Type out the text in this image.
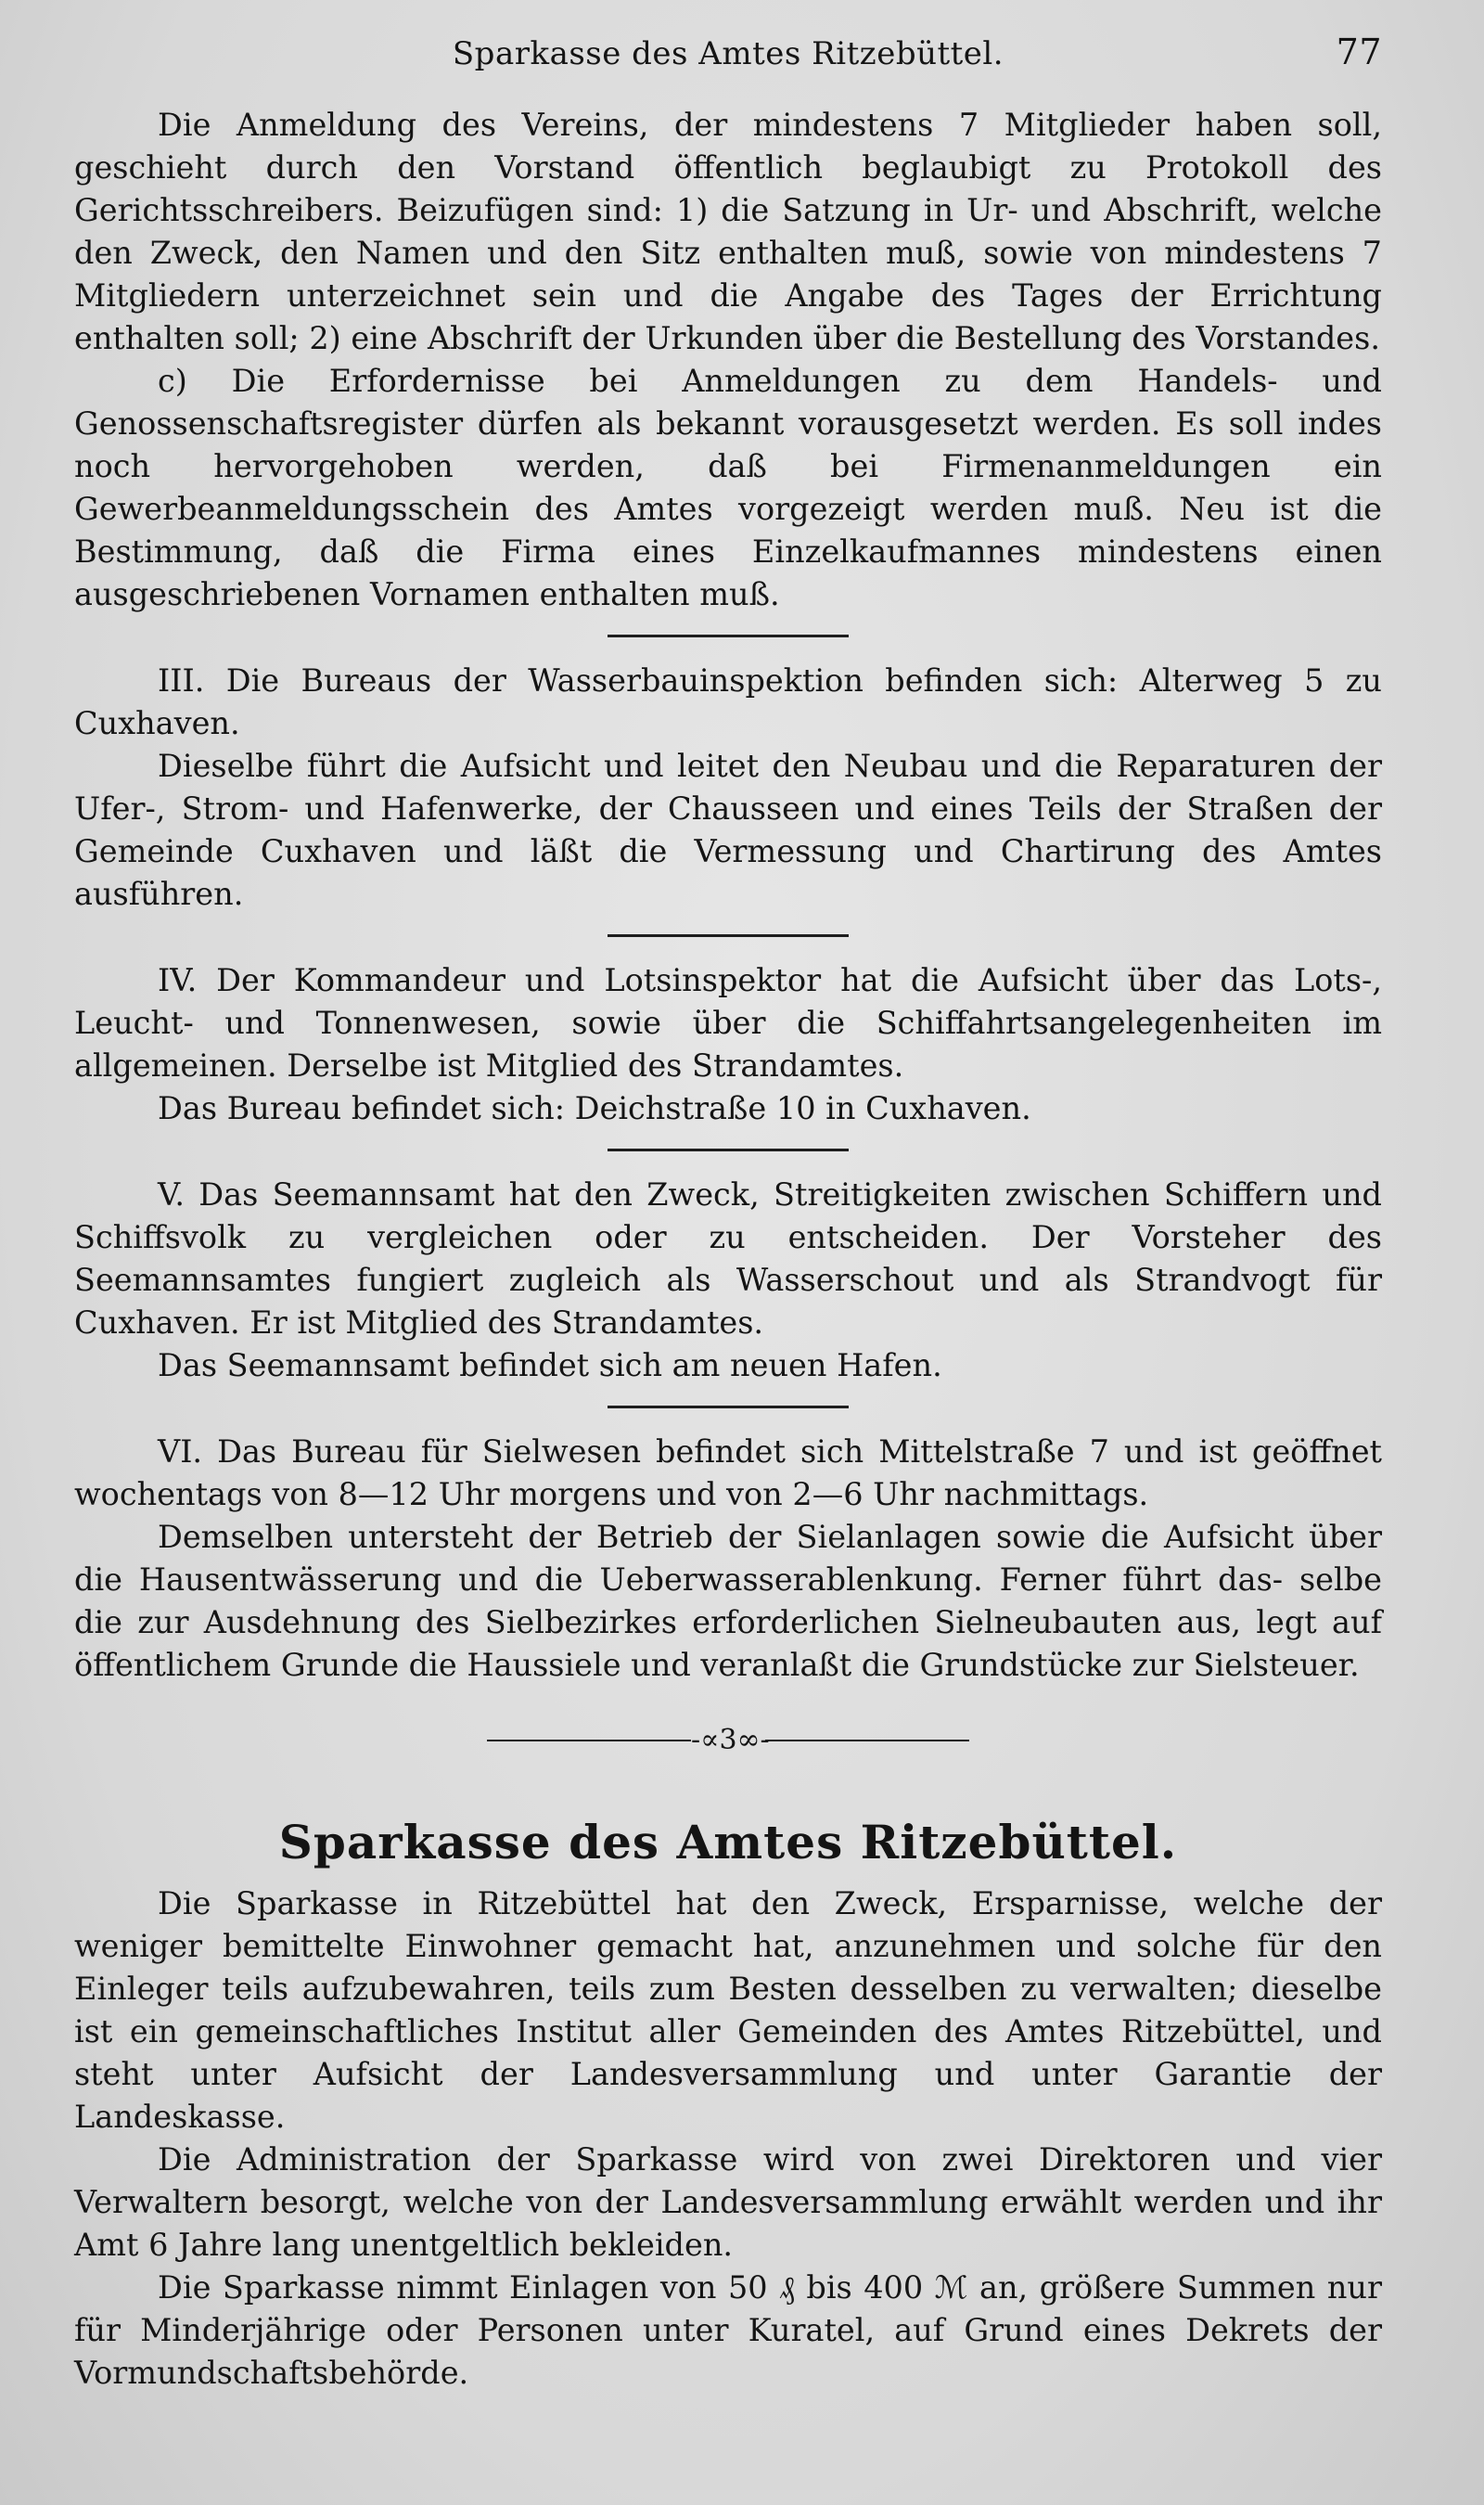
Sparkasse des Amtes Ritzebüttel.	77

Die Anmeldung des Vereins, der mindestens 7 Mitglieder haben soll, geschieht durch den Vorstand öffentlich beglaubigt zu Protokoll des Gerichtsschreibers. Beizufügen sind: 1) die Satzung in Ur- und Abschrift, welche den Zweck, den Namen und den Sitz enthalten muß, sowie von mindestens 7 Mitgliedern unterzeichnet sein und die Angabe des Tages der Errichtung enthalten soll; 2) eine Abschrift der Urkunden über die Bestellung des Vorstandes.

c) Die Erfordernisse bei Anmeldungen zu dem Handels- und Genossenschaftsregister dürfen als bekannt vorausgesetzt werden. Es soll indes noch hervorgehoben werden, daß bei Firmenanmeldungen ein Gewerbeanmeldungsschein des Amtes vorgezeigt werden muß. Neu ist die Bestimmung, daß die Firma eines Einzelkaufmannes mindestens einen ausgeschriebenen Vornamen enthalten muß.

III. Die Bureaus der Wasserbauinspektion befinden sich: Alterweg 5 zu Cuxhaven.

Dieselbe führt die Aufsicht und leitet den Neubau und die Reparaturen der Ufer-, Strom- und Hafenwerke, der Chausseen und eines Teils der Straßen der Gemeinde Cuxhaven und läßt die Vermessung und Chartirung des Amtes ausführen.

IV. Der Kommandeur und Lotsinspektor hat die Aufsicht über das Lots-, Leucht- und Tonnenwesen, sowie über die Schiffahrtsangelegenheiten im allgemeinen. Derselbe ist Mitglied des Strandamtes.

Das Bureau befindet sich: Deichstraße 10 in Cuxhaven.

V. Das Seemannsamt hat den Zweck, Streitigkeiten zwischen Schiffern und Schiffsvolk zu vergleichen oder zu entscheiden. Der Vorsteher des Seemannsamtes fungiert zugleich als Wasserschout und als Strandvogt für Cuxhaven. Er ist Mitglied des Strandamtes.

Das Seemannsamt befindet sich am neuen Hafen.

VI. Das Bureau für Sielwesen befindet sich Mittelstraße 7 und ist geöffnet wochentags von 8—12 Uhr morgens und von 2—6 Uhr nachmittags.

Demselben untersteht der Betrieb der Sielanlagen sowie die Aufsicht über die Hausentwässerung und die Ueberwasserablenkung. Ferner führt das- selbe die zur Ausdehnung des Sielbezirkes erforderlichen Sielneubauten aus, legt auf öffentlichem Grunde die Haussiele und veranlaßt die Grundstücke zur Sielsteuer.

-∝3∞-
Sparkasse des Amtes Ritzebüttel.

Die Sparkasse in Ritzebüttel hat den Zweck, Ersparnisse, welche der weniger bemittelte Einwohner gemacht hat, anzunehmen und solche für den Einleger teils aufzubewahren, teils zum Besten desselben zu verwalten; dieselbe ist ein gemeinschaftliches Institut aller Gemeinden des Amtes Ritzebüttel, und steht unter Aufsicht der Landesversammlung und unter Garantie der Landeskasse.

Die Administration der Sparkasse wird von zwei Direktoren und vier Verwaltern besorgt, welche von der Landesversammlung erwählt werden und ihr Amt 6 Jahre lang unentgeltlich bekleiden.

Die Sparkasse nimmt Einlagen von 50 ₰ bis 400 ℳ an, größere Summen nur für Minderjährige oder Personen unter Kuratel, auf Grund eines Dekrets der Vormundschaftsbehörde.
